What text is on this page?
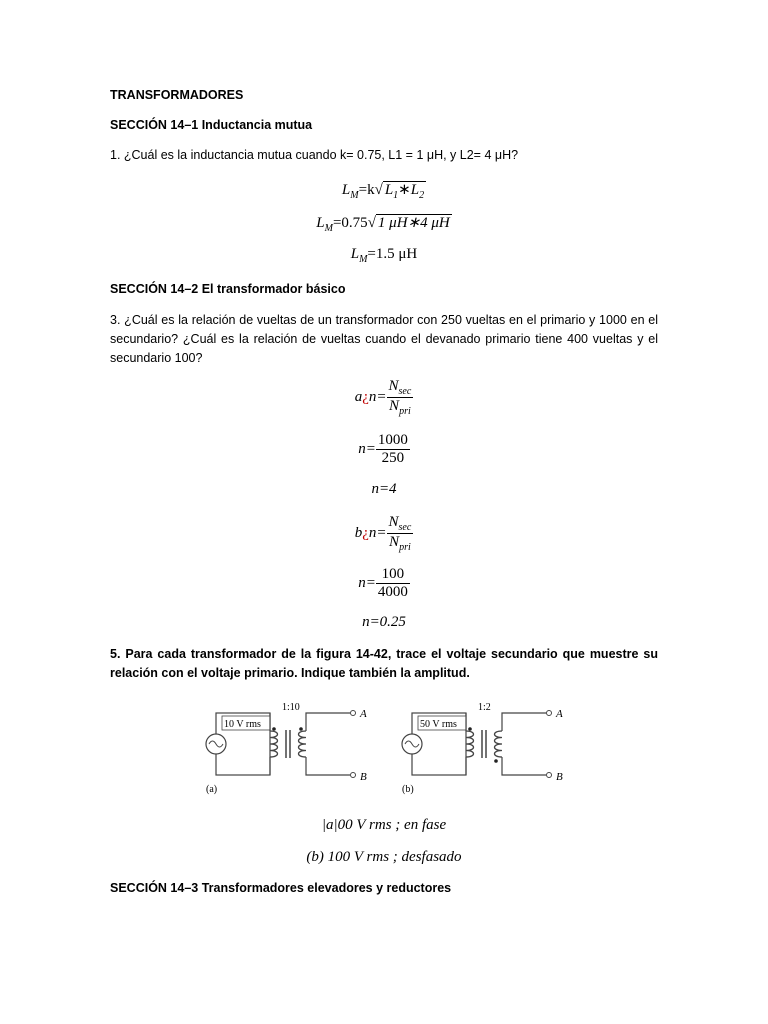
TRANSFORMADORES
SECCIÓN 14–1 Inductancia mutua
1. ¿Cuál es la inductancia mutua cuando k= 0.75, L1 = 1 μH, y L2= 4 μH?
$L_M=k√$ $L_1∗L_2$
$L_M=0.75√$ 1 μH∗4 μH
$L_M=1.5$ μH
SECCIÓN 14–2 El transformador básico
3. ¿Cuál es la relación de vueltas de un transformador con 250 vueltas en el primario y 1000 en el secundario? ¿Cuál es la relación de vueltas cuando el devanado primario tiene 400 vueltas y el secundario 100?
a¿n= $\frac{N_{sec}}{N_{pri}}$
$n= \frac{1000}{250}$
n=4
b¿n= $\frac{N_{sec}}{N_{pri}}$
$n= \frac{100}{4000}$
n=0.25
5. Para cada transformador de la figura 14-42, trace el voltaje secundario que muestre su relación con el voltaje primario. Indique también la amplitud.
1:10
10 V rms
A
B
(a)
1:2
50 V rms
A
B
(b)
|a|00 V rms ; en fase
(b) 100 V rms ; desfasado
SECCIÓN 14–3 Transformadores elevadores y reductores
